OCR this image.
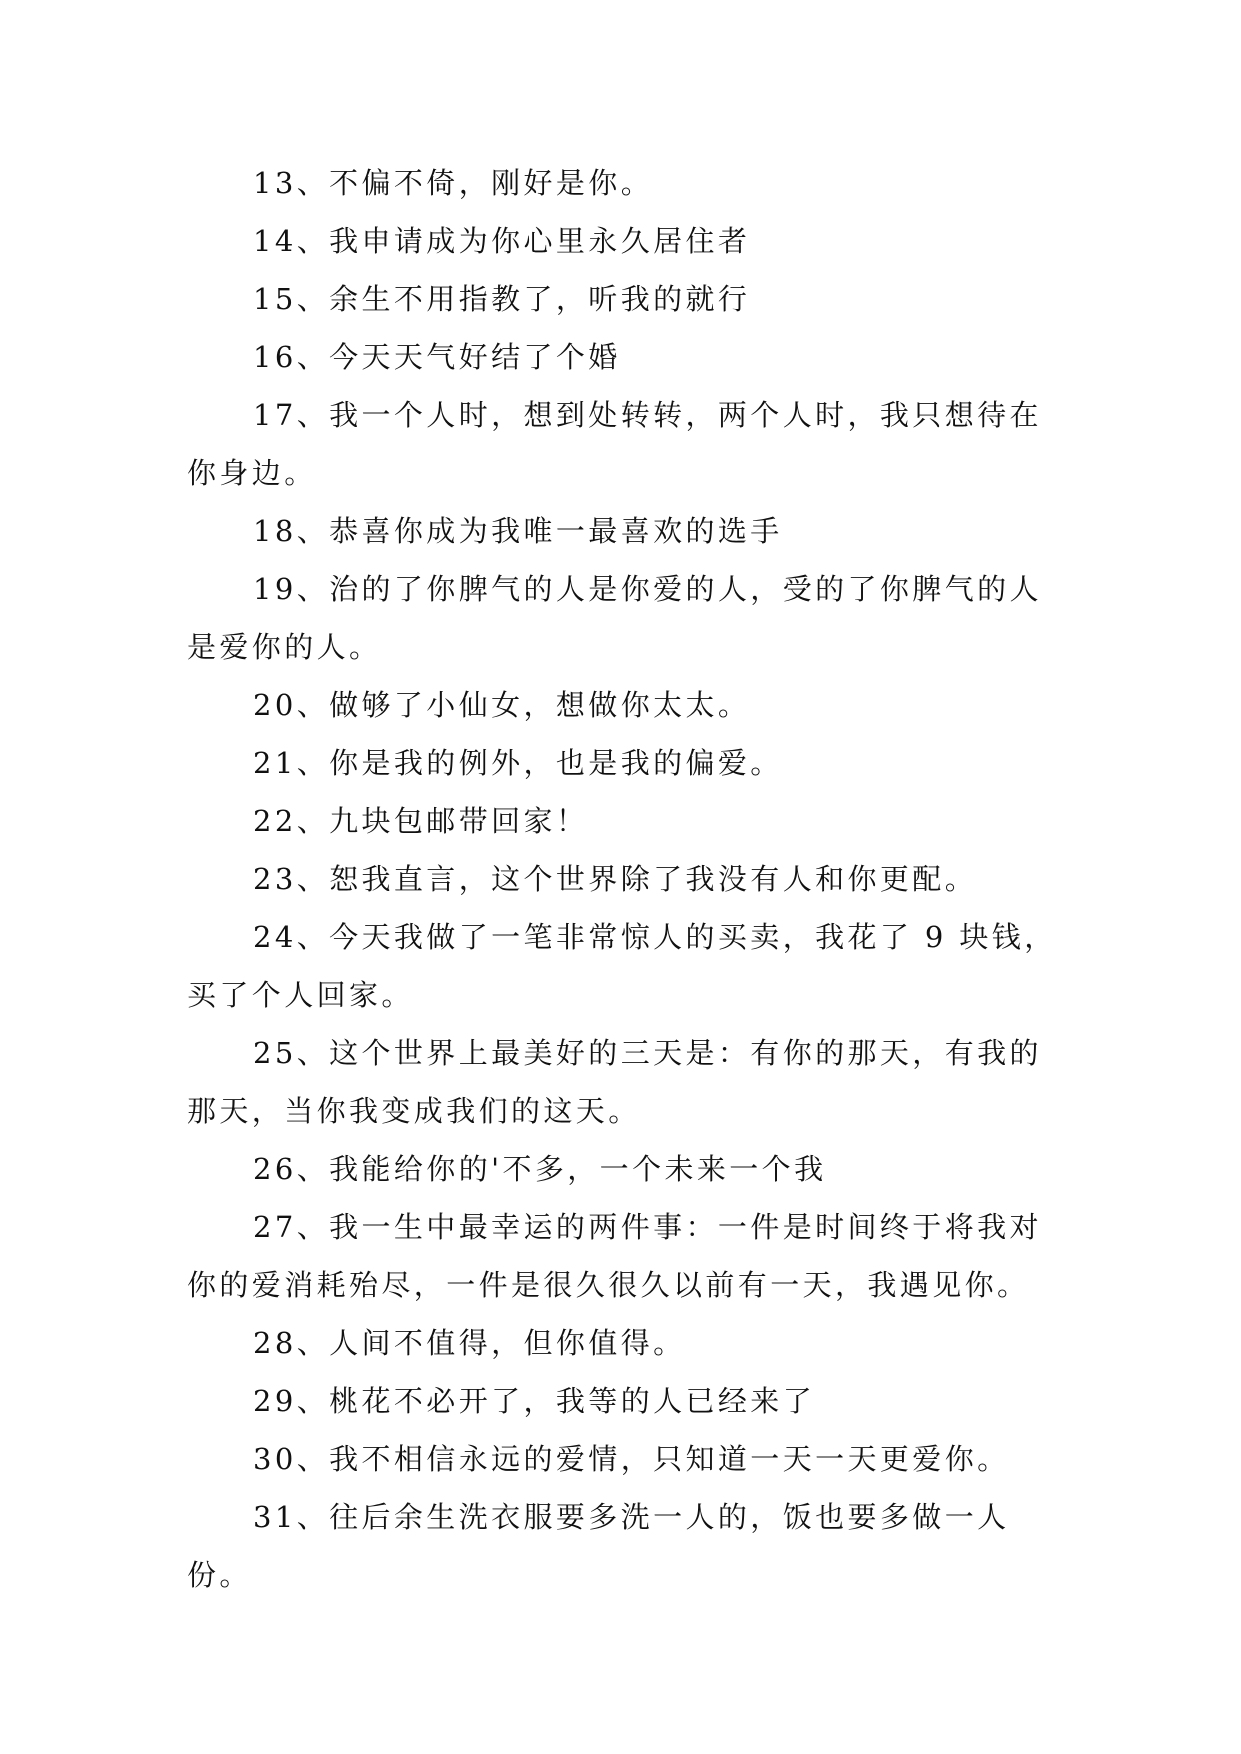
13、不偏不倚，刚好是你。

14、我申请成为你心里永久居住者

15、余生不用指教了，听我的就行

16、今天天气好结了个婚

17、我一个人时，想到处转转，两个人时，我只想待在你身边。

18、恭喜你成为我唯一最喜欢的选手

19、治的了你脾气的人是你爱的人，受的了你脾气的人是爱你的人。

20、做够了小仙女，想做你太太。

21、你是我的例外，也是我的偏爱。

22、九块包邮带回家！

23、恕我直言，这个世界除了我没有人和你更配。

24、今天我做了一笔非常惊人的买卖，我花了 9 块钱，买了个人回家。

25、这个世界上最美好的三天是：有你的那天，有我的那天，当你我变成我们的这天。

26、我能给你的'不多，一个未来一个我

27、我一生中最幸运的两件事：一件是时间终于将我对你的爱消耗殆尽，一件是很久很久以前有一天，我遇见你。

28、人间不值得，但你值得。

29、桃花不必开了，我等的人已经来了

30、我不相信永远的爱情，只知道一天一天更爱你。

31、往后余生洗衣服要多洗一人的，饭也要多做一人份。
